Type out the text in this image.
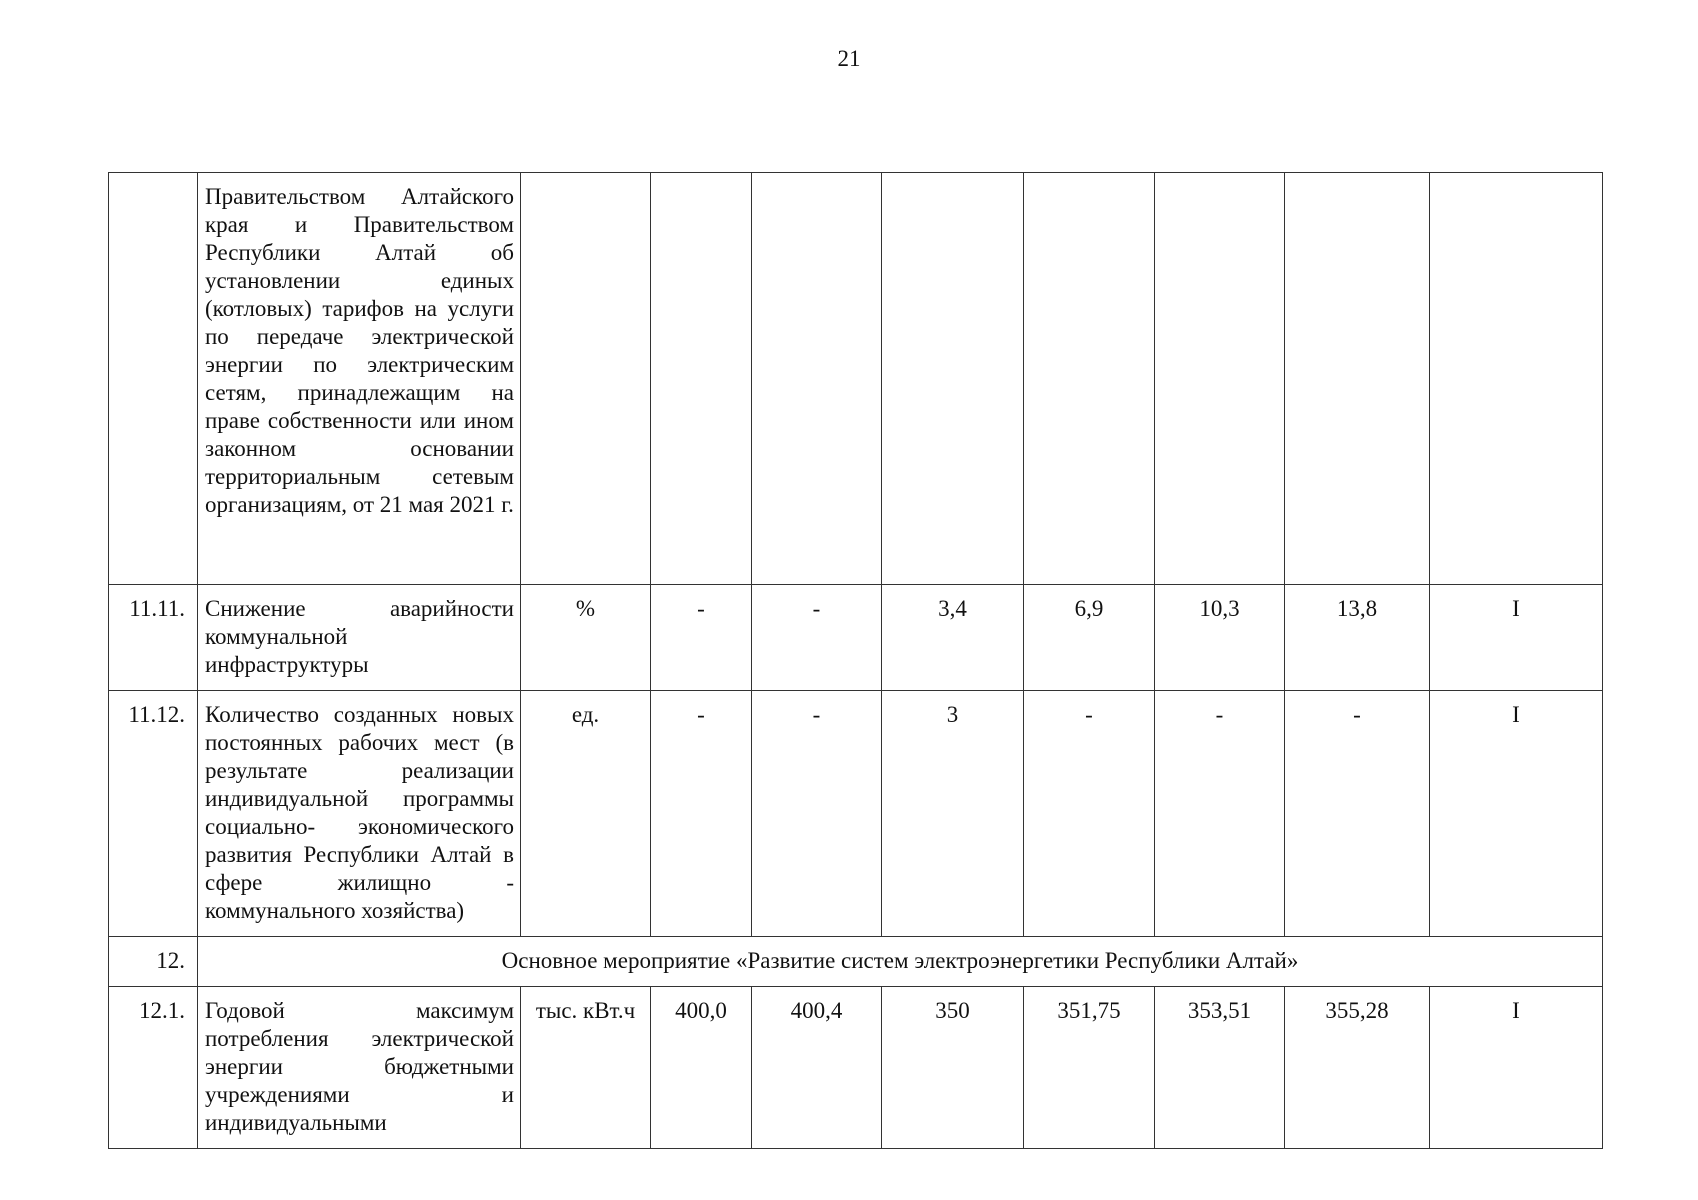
21
	Правительством Алтайского края и Правительством Республики Алтай об установлении единых (котловых) тарифов на услуги по передаче электрической энергии по электрическим сетям, принадлежащим на праве собственности или ином законном основании территориальным сетевым организациям, от 21 мая 2021 г.								
11.11.	Снижение аварийности коммунальной инфраструктуры	%	-	-	3,4	6,9	10,3	13,8	I
11.12.	Количество созданных новых постоянных рабочих мест (в результате реализации индивидуальной программы социально- экономического развития Республики Алтай в сфере жилищно - коммунального хозяйства)	ед.	-	-	3	-	-	-	I
12.	Основное мероприятие «Развитие систем электроэнергетики Республики Алтай»								
12.1.	Годовой максимум потребления электрической энергии бюджетными учреждениями и индивидуальными	тыс. кВт.ч	400,0	400,4	350	351,75	353,51	355,28	I
